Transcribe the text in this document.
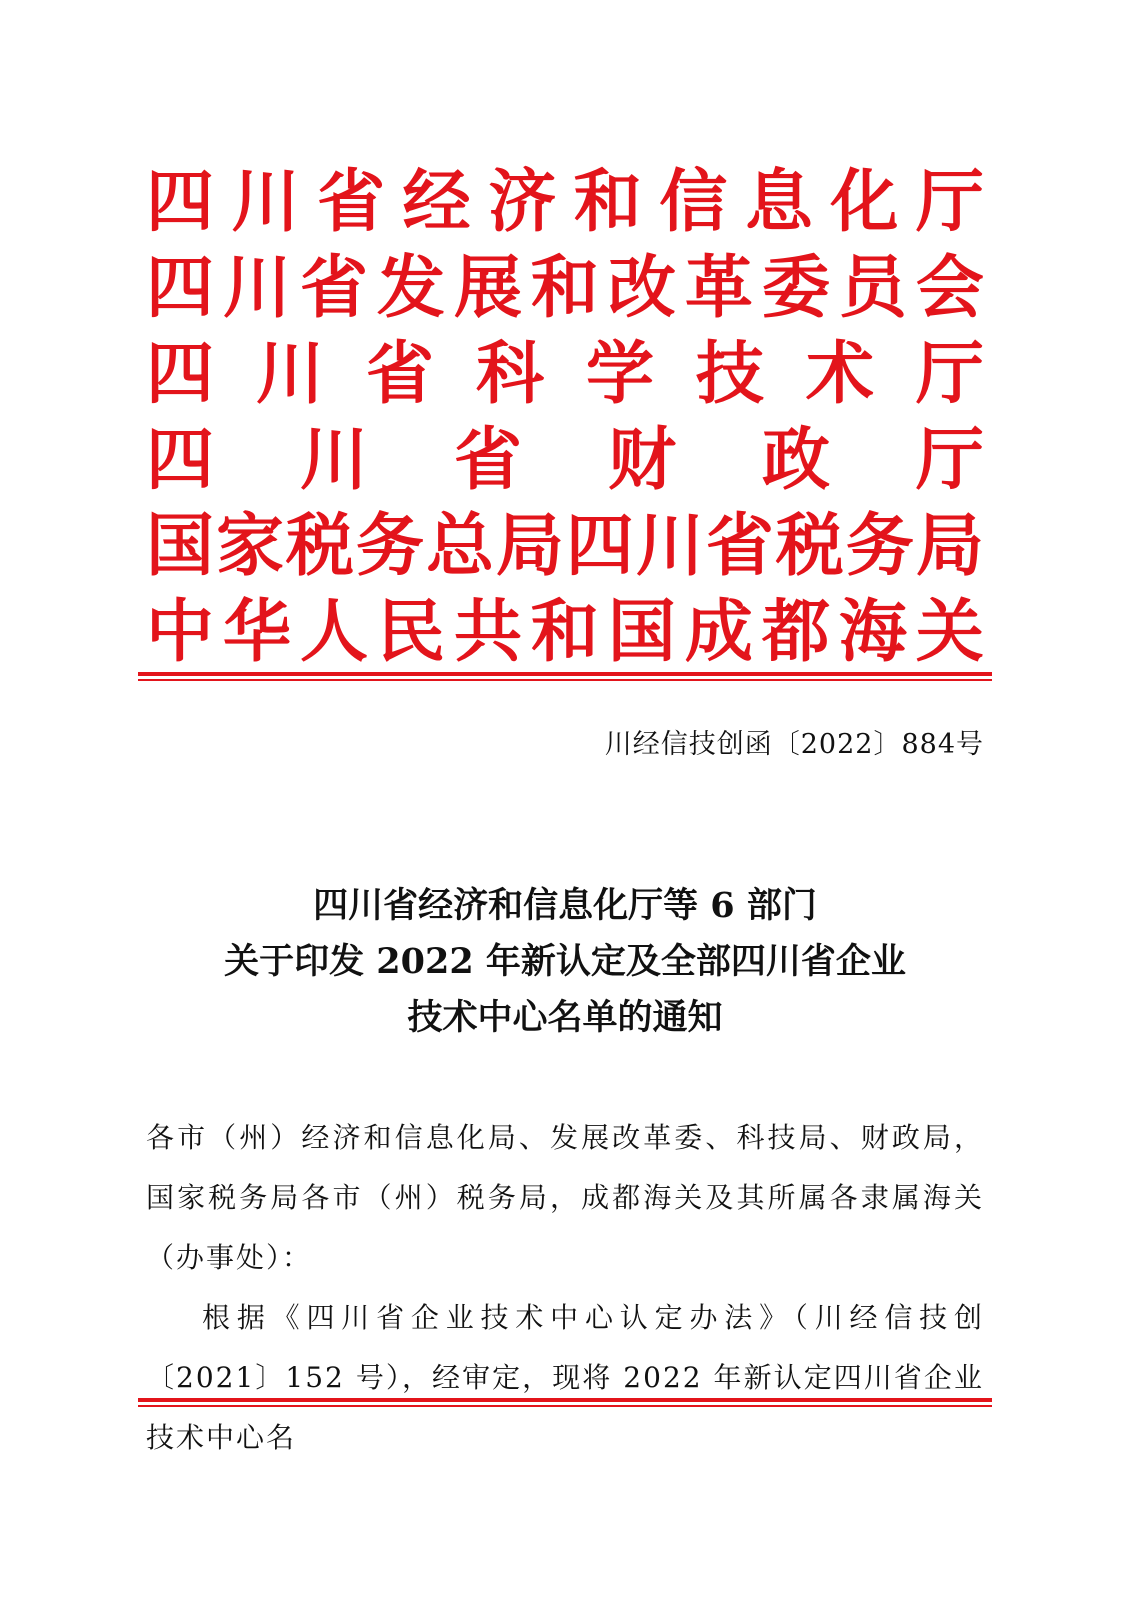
四 川 省 经 济 和 信 息 化 厅
四 川 省 发 展 和 改 革 委 员 会
四 川 省 科 学 技 术 厅
四 川 省 财 政 厅
国 家 税 务 总 局 四 川 省 税 务 局
中 华 人 民 共 和 国 成 都 海 关
川经信技创函〔2022〕884号
四川省经济和信息化厅等 6 部门
关于印发 2022 年新认定及全部四川省企业
技术中心名单的通知
各市（州）经济和信息化局、发展改革委、科技局、财政局，国家税务局各市（州）税务局，成都海关及其所属各隶属海关（办事处）：
根据《四川省企业技术中心认定办法》（川经信技创〔2021〕152 号），经审定，现将 2022 年新认定四川省企业技术中心名
